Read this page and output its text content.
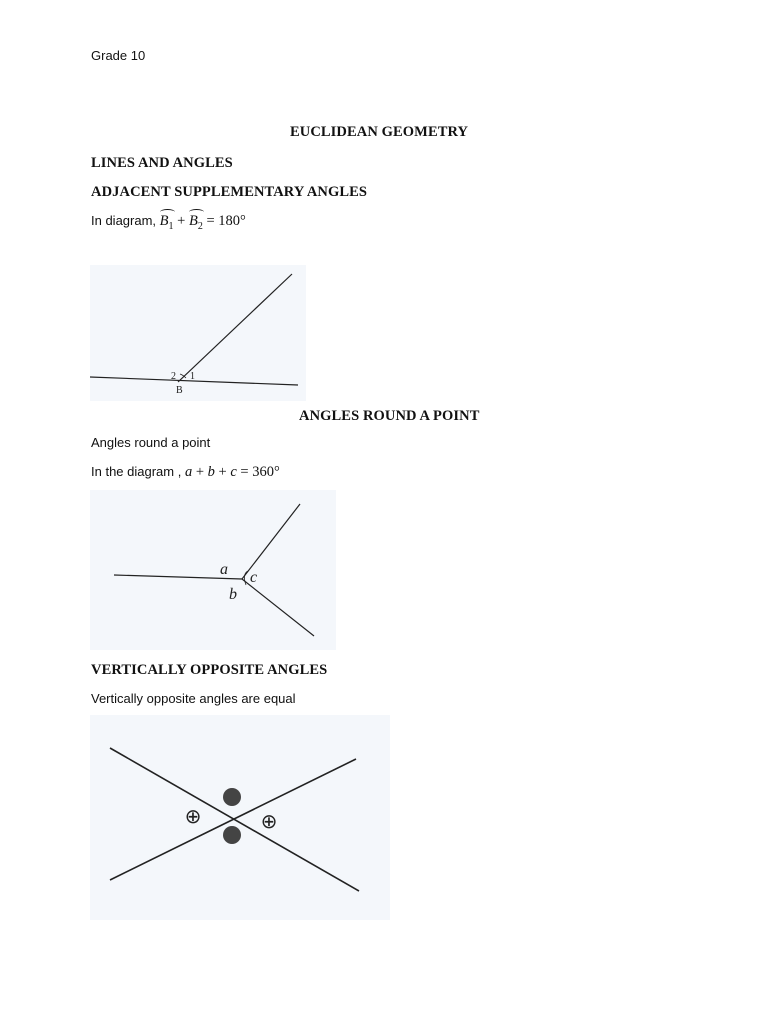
Grade 10
EUCLIDEAN GEOMETRY
LINES AND ANGLES
ADJACENT SUPPLEMENTARY ANGLES
In diagram, $B_1 + B_2 = 180^\circ$
2 1
B
ANGLES ROUND A POINT
Angles round a point
In the diagram , a + b + c = 360°
a
b
c
VERTICALLY OPPOSITE ANGLES
Vertically opposite angles are equal
⊕	⊕
